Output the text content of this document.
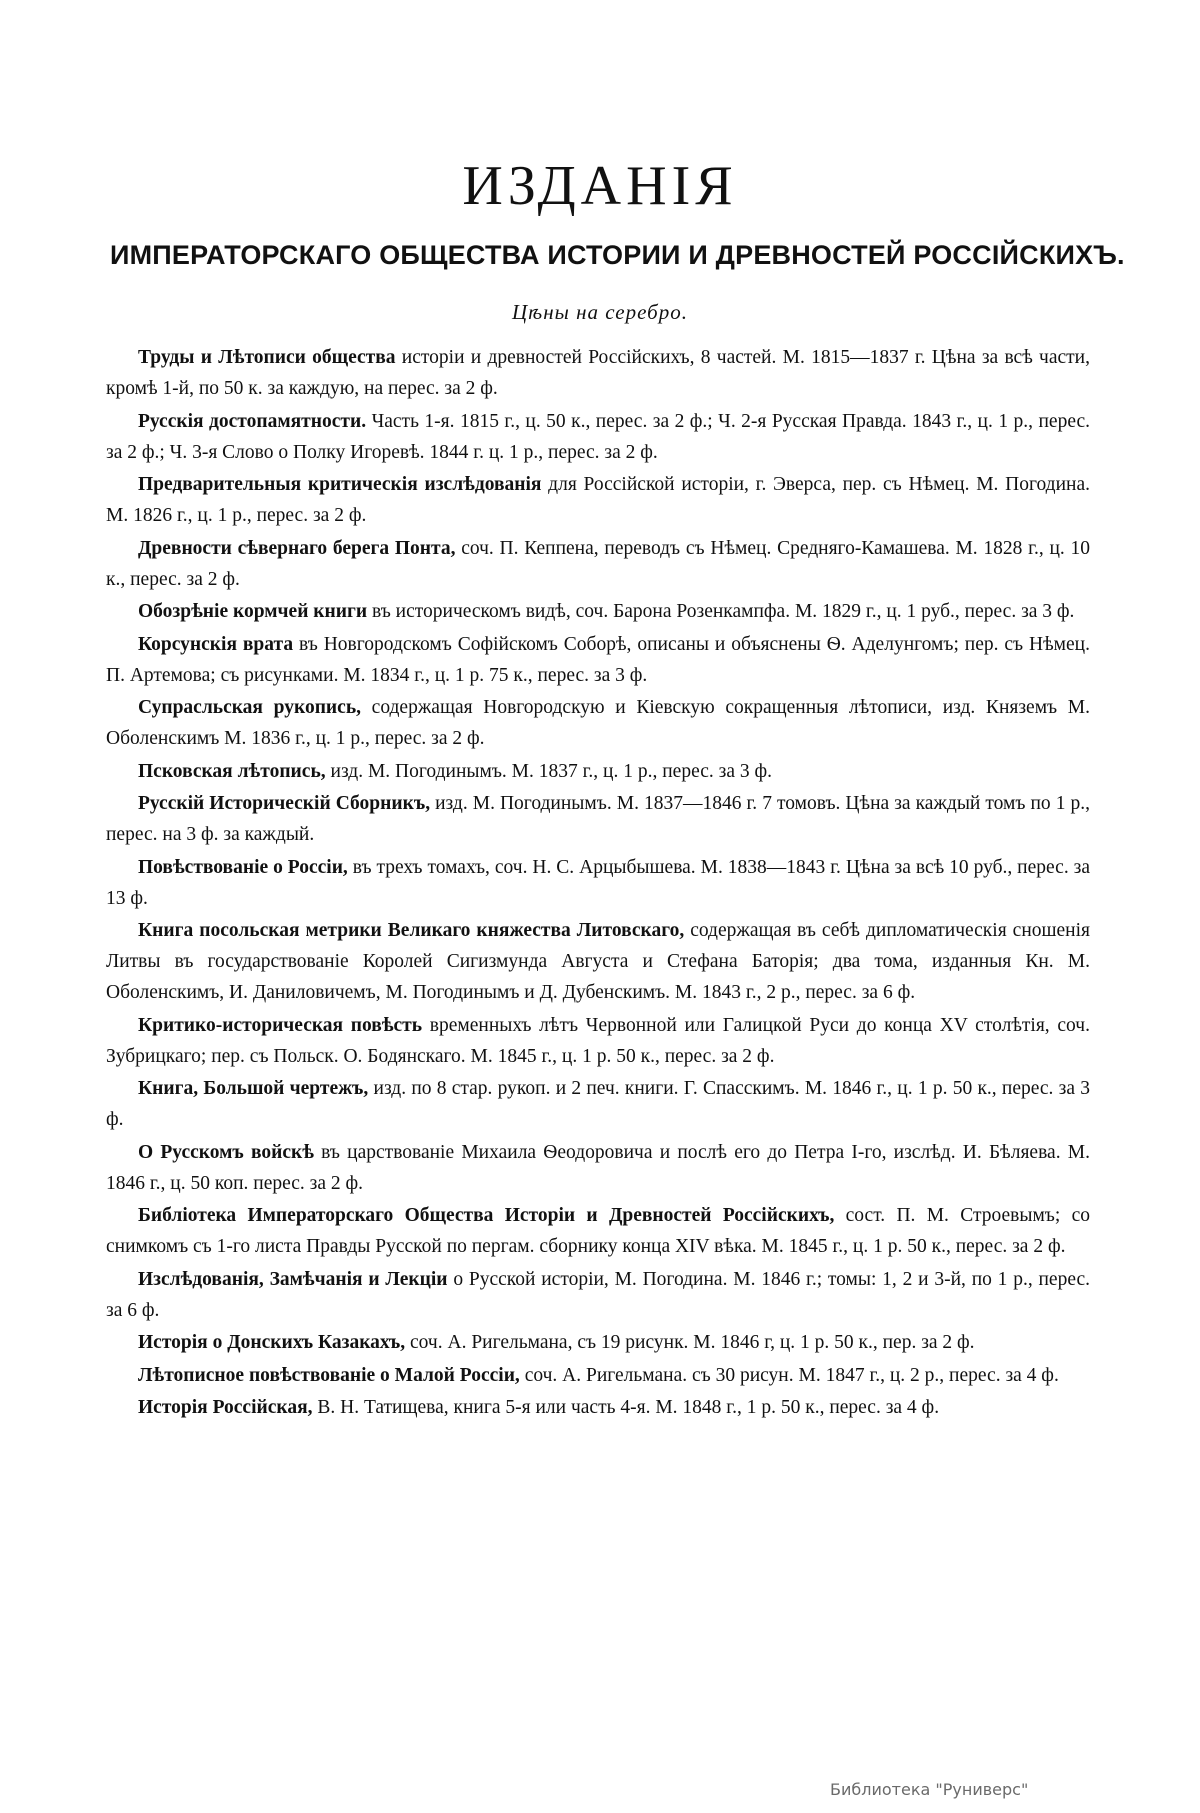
ИЗДАНІЯ
ИМПЕРАТОРСКАГО ОБЩЕСТВА ИСТОРИИ И ДРЕВНОСТЕЙ РОССІЙСКИХЪ.
Цѣны на серебро.

Труды и Лѣтописи общества исторіи и древностей Россійскихъ, 8 частей. М. 1815—1837 г. Цѣна за всѣ части, кромѣ 1-й, по 50 к. за каждую, на перес. за 2 ф.

Русскія достопамятности. Часть 1-я. 1815 г., ц. 50 к., перес. за 2 ф.; Ч. 2-я Русская Правда. 1843 г., ц. 1 р., перес. за 2 ф.; Ч. 3-я Слово о Полку Игоревѣ. 1844 г. ц. 1 р., перес. за 2 ф.

Предварительныя критическія изслѣдованія для Россійской исторіи, г. Эверса, пер. съ Нѣмец. М. Погодина. М. 1826 г., ц. 1 р., перес. за 2 ф.

Древности сѣвернаго берега Понта, соч. П. Кеппена, переводъ съ Нѣмец. Средняго-Камашева. М. 1828 г., ц. 10 к., перес. за 2 ф.

Обозрѣніе кормчей книги въ историческомъ видѣ, соч. Барона Розенкампфа. М. 1829 г., ц. 1 руб., перес. за 3 ф.

Корсунскія врата въ Новгородскомъ Софійскомъ Соборѣ, описаны и объяснены Ѳ. Аделунгомъ; пер. съ Нѣмец. П. Артемова; съ рисунками. М. 1834 г., ц. 1 р. 75 к., перес. за 3 ф.

Супрасльская рукопись, содержащая Новгородскую и Кіевскую сокращенныя лѣтописи, изд. Княземъ М. Оболенскимъ М. 1836 г., ц. 1 р., перес. за 2 ф.

Псковская лѣтопись, изд. М. Погодинымъ. М. 1837 г., ц. 1 р., перес. за 3 ф.

Русскій Историческій Сборникъ, изд. М. Погодинымъ. М. 1837—1846 г. 7 томовъ. Цѣна за каждый томъ по 1 р., перес. на 3 ф. за каждый.

Повѣствованіе о Россіи, въ трехъ томахъ, соч. Н. С. Арцыбышева. М. 1838—1843 г. Цѣна за всѣ 10 руб., перес. за 13 ф.

Книга посольская метрики Великаго княжества Литовскаго, содержащая въ себѣ дипломатическія сношенія Литвы въ государствованіе Королей Сигизмунда Августа и Стефана Баторія; два тома, изданныя Кн. М. Оболенскимъ, И. Даниловичемъ, М. Погодинымъ и Д. Дубенскимъ. М. 1843 г., 2 р., перес. за 6 ф.

Критико-историческая повѣсть временныхъ лѣтъ Червонной или Галицкой Руси до конца XV столѣтія, соч. Зубрицкаго; пер. съ Польск. О. Бодянскаго. М. 1845 г., ц. 1 р. 50 к., перес. за 2 ф.

Книга, Большой чертежъ, изд. по 8 стар. рукоп. и 2 печ. книги. Г. Спасскимъ. М. 1846 г., ц. 1 р. 50 к., перес. за 3 ф.

О Русскомъ войскѣ въ царствованіе Михаила Ѳеодоровича и послѣ его до Петра I-го, изслѣд. И. Бѣляева. М. 1846 г., ц. 50 коп. перес. за 2 ф.

Библіотека Императорскаго Общества Исторіи и Древностей Россійскихъ, сост. П. М. Строевымъ; со снимкомъ съ 1-го листа Правды Русской по пергам. сборнику конца XIV вѣка. М. 1845 г., ц. 1 р. 50 к., перес. за 2 ф.

Изслѣдованія, Замѣчанія и Лекціи о Русской исторіи, М. Погодина. М. 1846 г.; томы: 1, 2 и 3-й, по 1 р., перес. за 6 ф.

Исторія о Донскихъ Казакахъ, соч. А. Ригельмана, съ 19 рисунк. М. 1846 г, ц. 1 р. 50 к., пер. за 2 ф.

Лѣтописное повѣствованіе о Малой Россіи, соч. А. Ригельмана. съ 30 рисун. М. 1847 г., ц. 2 р., перес. за 4 ф.

Исторія Россійская, В. Н. Татищева, книга 5-я или часть 4-я. М. 1848 г., 1 р. 50 к., перес. за 4 ф.

Библиотека "Руниверс"
